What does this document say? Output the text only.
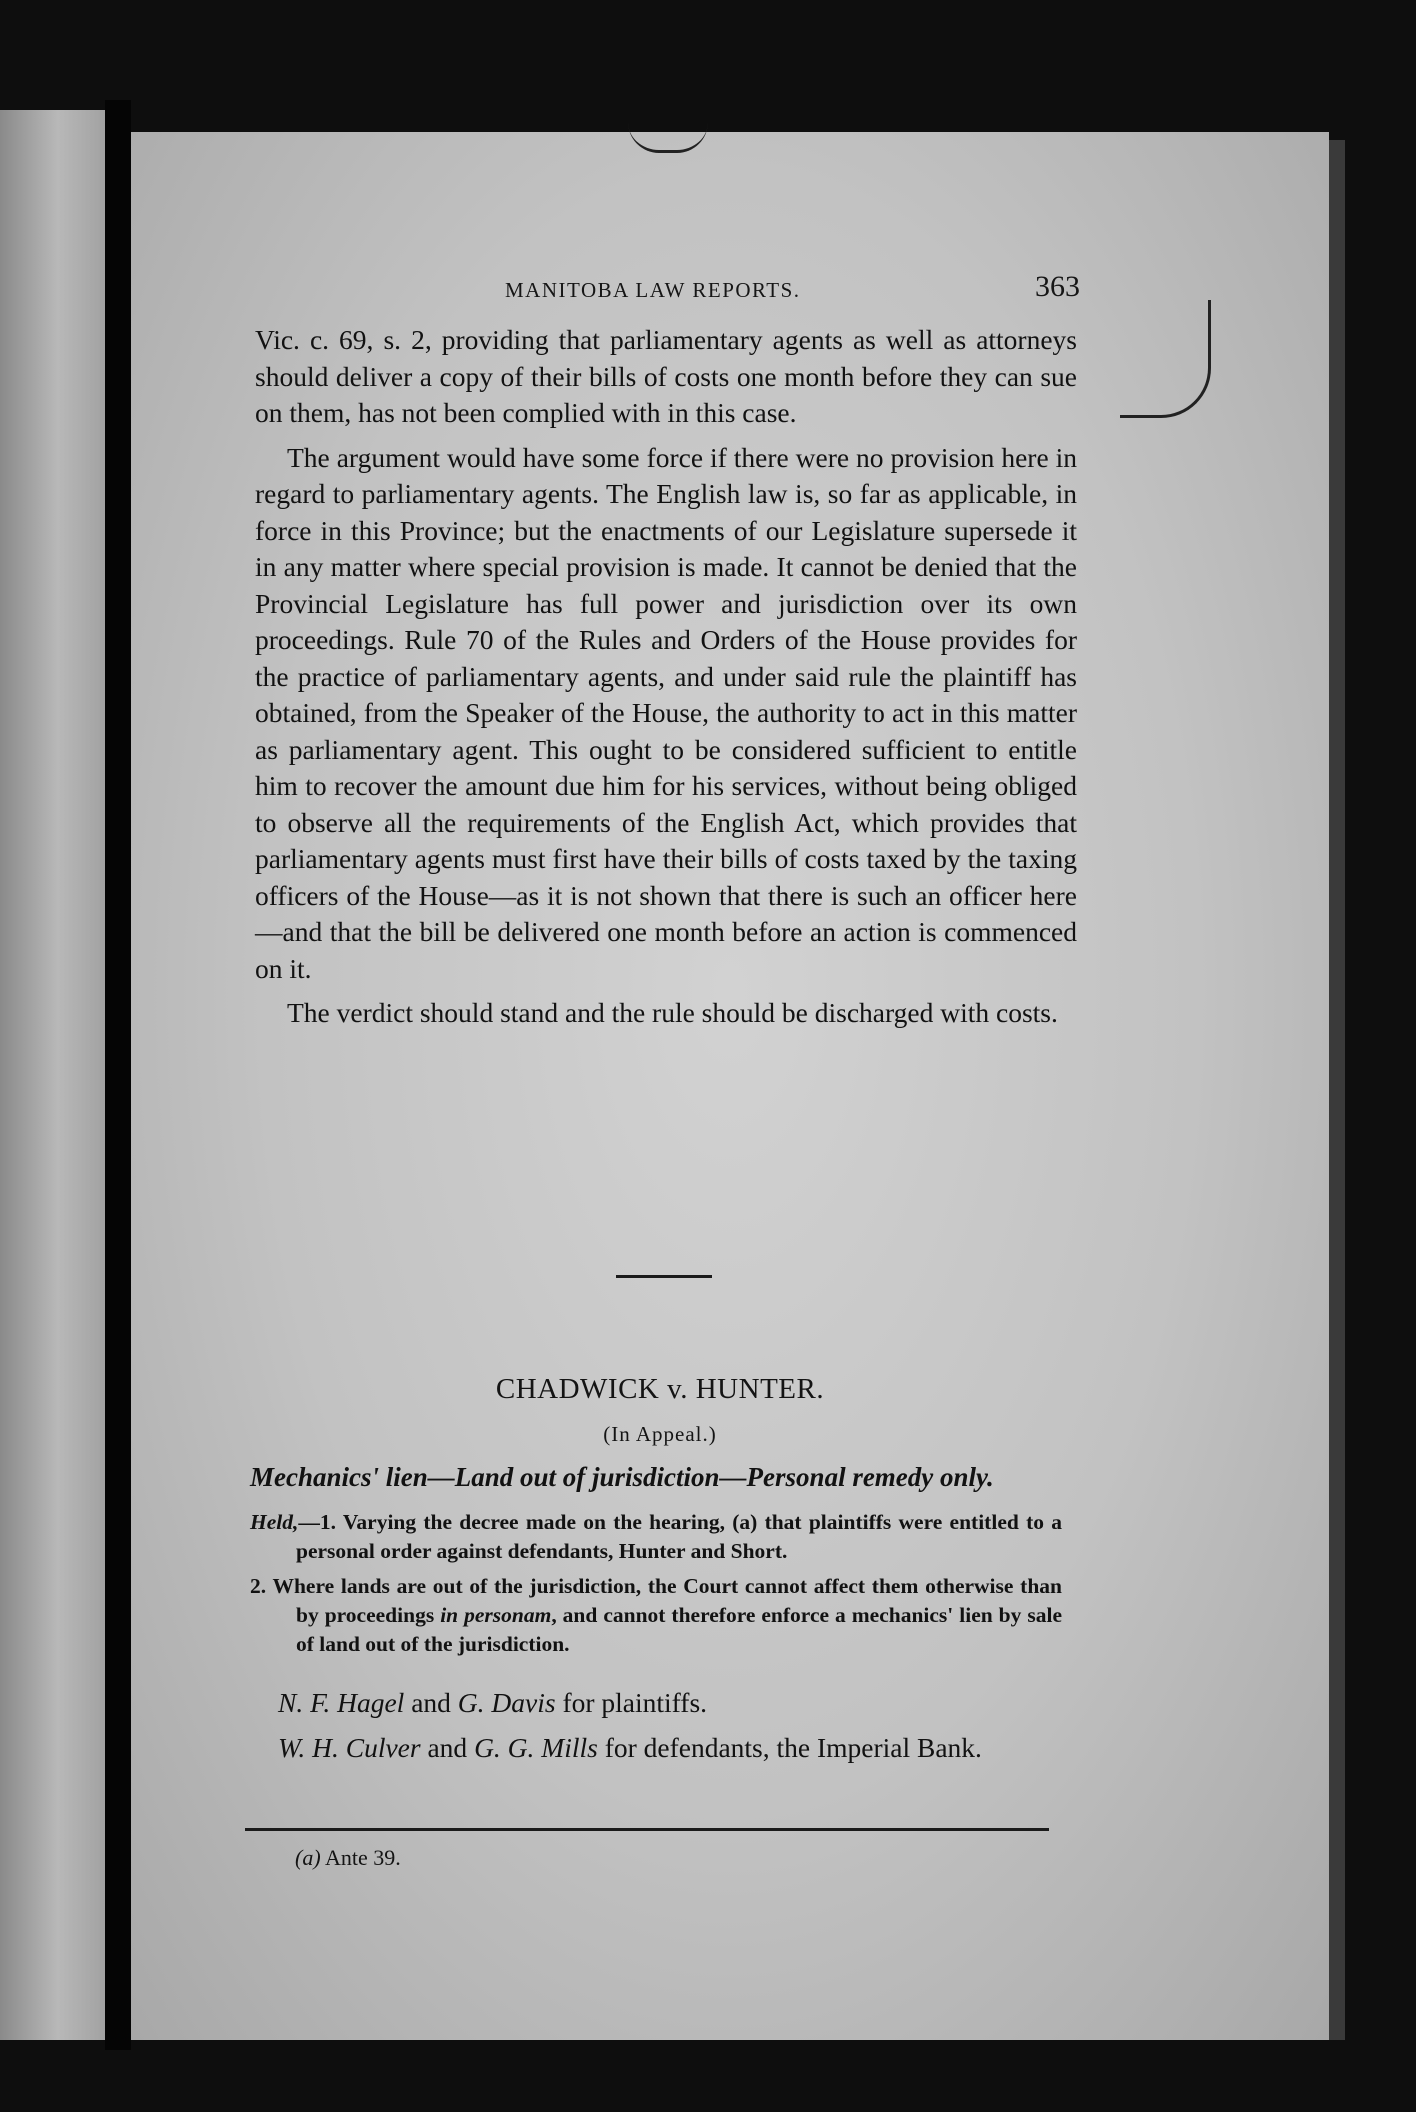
MANITOBA LAW REPORTS.	363

Vic. c. 69, s. 2, providing that parliamentary agents as well as attorneys should deliver a copy of their bills of costs one month before they can sue on them, has not been complied with in this case.

The argument would have some force if there were no provision here in regard to parliamentary agents. The English law is, so far as applicable, in force in this Province; but the enactments of our Legislature supersede it in any matter where special provision is made. It cannot be denied that the Provincial Legislature has full power and jurisdiction over its own proceedings. Rule 70 of the Rules and Orders of the House provides for the practice of parliamentary agents, and under said rule the plaintiff has obtained, from the Speaker of the House, the authority to act in this matter as parliamentary agent. This ought to be considered sufficient to entitle him to recover the amount due him for his services, without being obliged to observe all the requirements of the English Act, which provides that parliamentary agents must first have their bills of costs taxed by the taxing officers of the House—as it is not shown that there is such an officer here—and that the bill be delivered one month before an action is commenced on it.

The verdict should stand and the rule should be discharged with costs.

CHADWICK v. HUNTER.
(In Appeal.)
Mechanics' lien—Land out of jurisdiction—Personal remedy only.

Held,—1. Varying the decree made on the hearing, (a) that plaintiffs were entitled to a personal order against defendants, Hunter and Short.

2. Where lands are out of the jurisdiction, the Court cannot affect them otherwise than by proceedings in personam, and cannot therefore enforce a mechanics' lien by sale of land out of the jurisdiction.

N. F. Hagel and G. Davis for plaintiffs.

W. H. Culver and G. G. Mills for defendants, the Imperial Bank.

(a) Ante 39.
